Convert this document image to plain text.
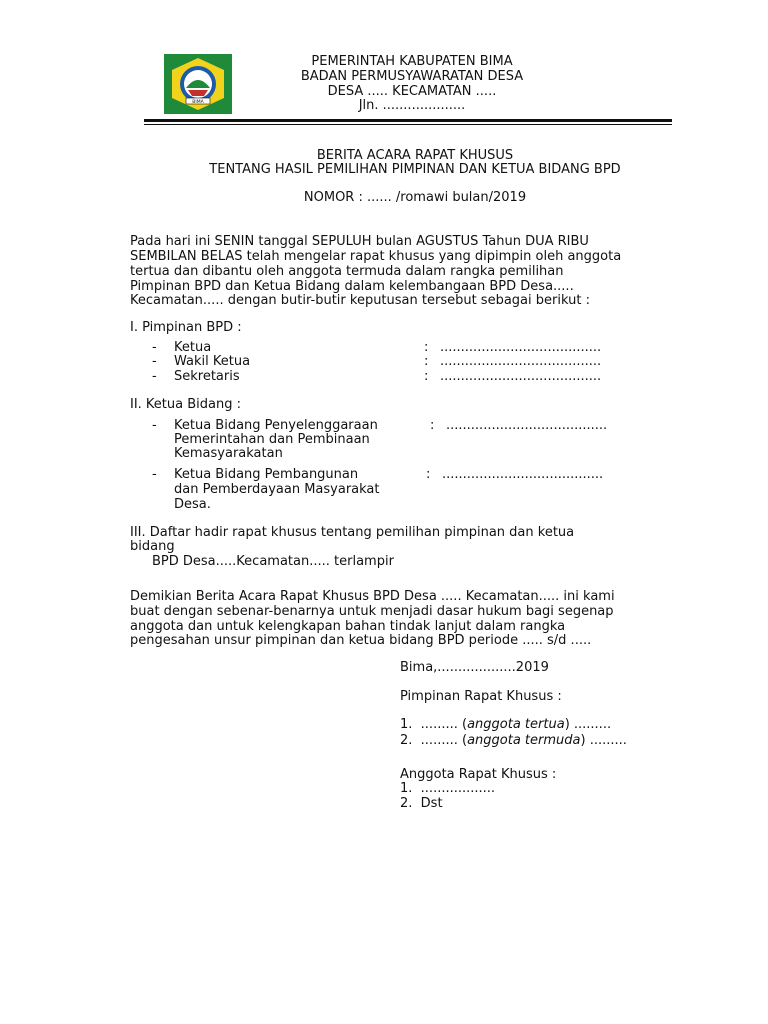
BIMA
PEMERINTAH KABUPATEN BIMA
BADAN PERMUSYAWARATAN DESA
DESA ..... KECAMATAN .....
Jln. ....................
BERITA ACARA RAPAT KHUSUS
TENTANG HASIL PEMILIHAN PIMPINAN DAN KETUA BIDANG BPD
NOMOR : ...... /romawi bulan/2019
Pada hari ini SENIN tanggal SEPULUH bulan AGUSTUS Tahun DUA RIBU
SEMBILAN BELAS telah mengelar rapat khusus yang dipimpin oleh anggota
tertua dan dibantu oleh anggota termuda dalam rangka pemilihan
Pimpinan BPD dan Ketua Bidang dalam kelembangaan BPD Desa.....
Kecamatan..... dengan butir-butir keputusan tersebut sebagai berikut :
I. Pimpinan BPD :
- Ketua	: .......................................
- Wakil Ketua	: .......................................
- Sekretaris	: .......................................
II. Ketua Bidang :
- Ketua Bidang Penyelenggaraan
Pemerintahan dan Pembinaan
Kemasyarakatan
: .......................................
- Ketua Bidang Pembangunan
dan Pemberdayaan Masyarakat
Desa.
: .......................................
III. Daftar hadir rapat khusus tentang pemilihan pimpinan dan ketua
bidang
BPD Desa.....Kecamatan..... terlampir
Demikian Berita Acara Rapat Khusus BPD Desa ..... Kecamatan..... ini kami
buat dengan sebenar-benarnya untuk menjadi dasar hukum bagi segenap
anggota dan untuk kelengkapan bahan tindak lanjut dalam rangka
pengesahan unsur pimpinan dan ketua bidang BPD periode ..... s/d .....
Bima,...................2019
Pimpinan Rapat Khusus :
1. ......... (anggota tertua) .........
2. ......... (anggota termuda) .........
Anggota Rapat Khusus :
1. ..................
2. Dst
